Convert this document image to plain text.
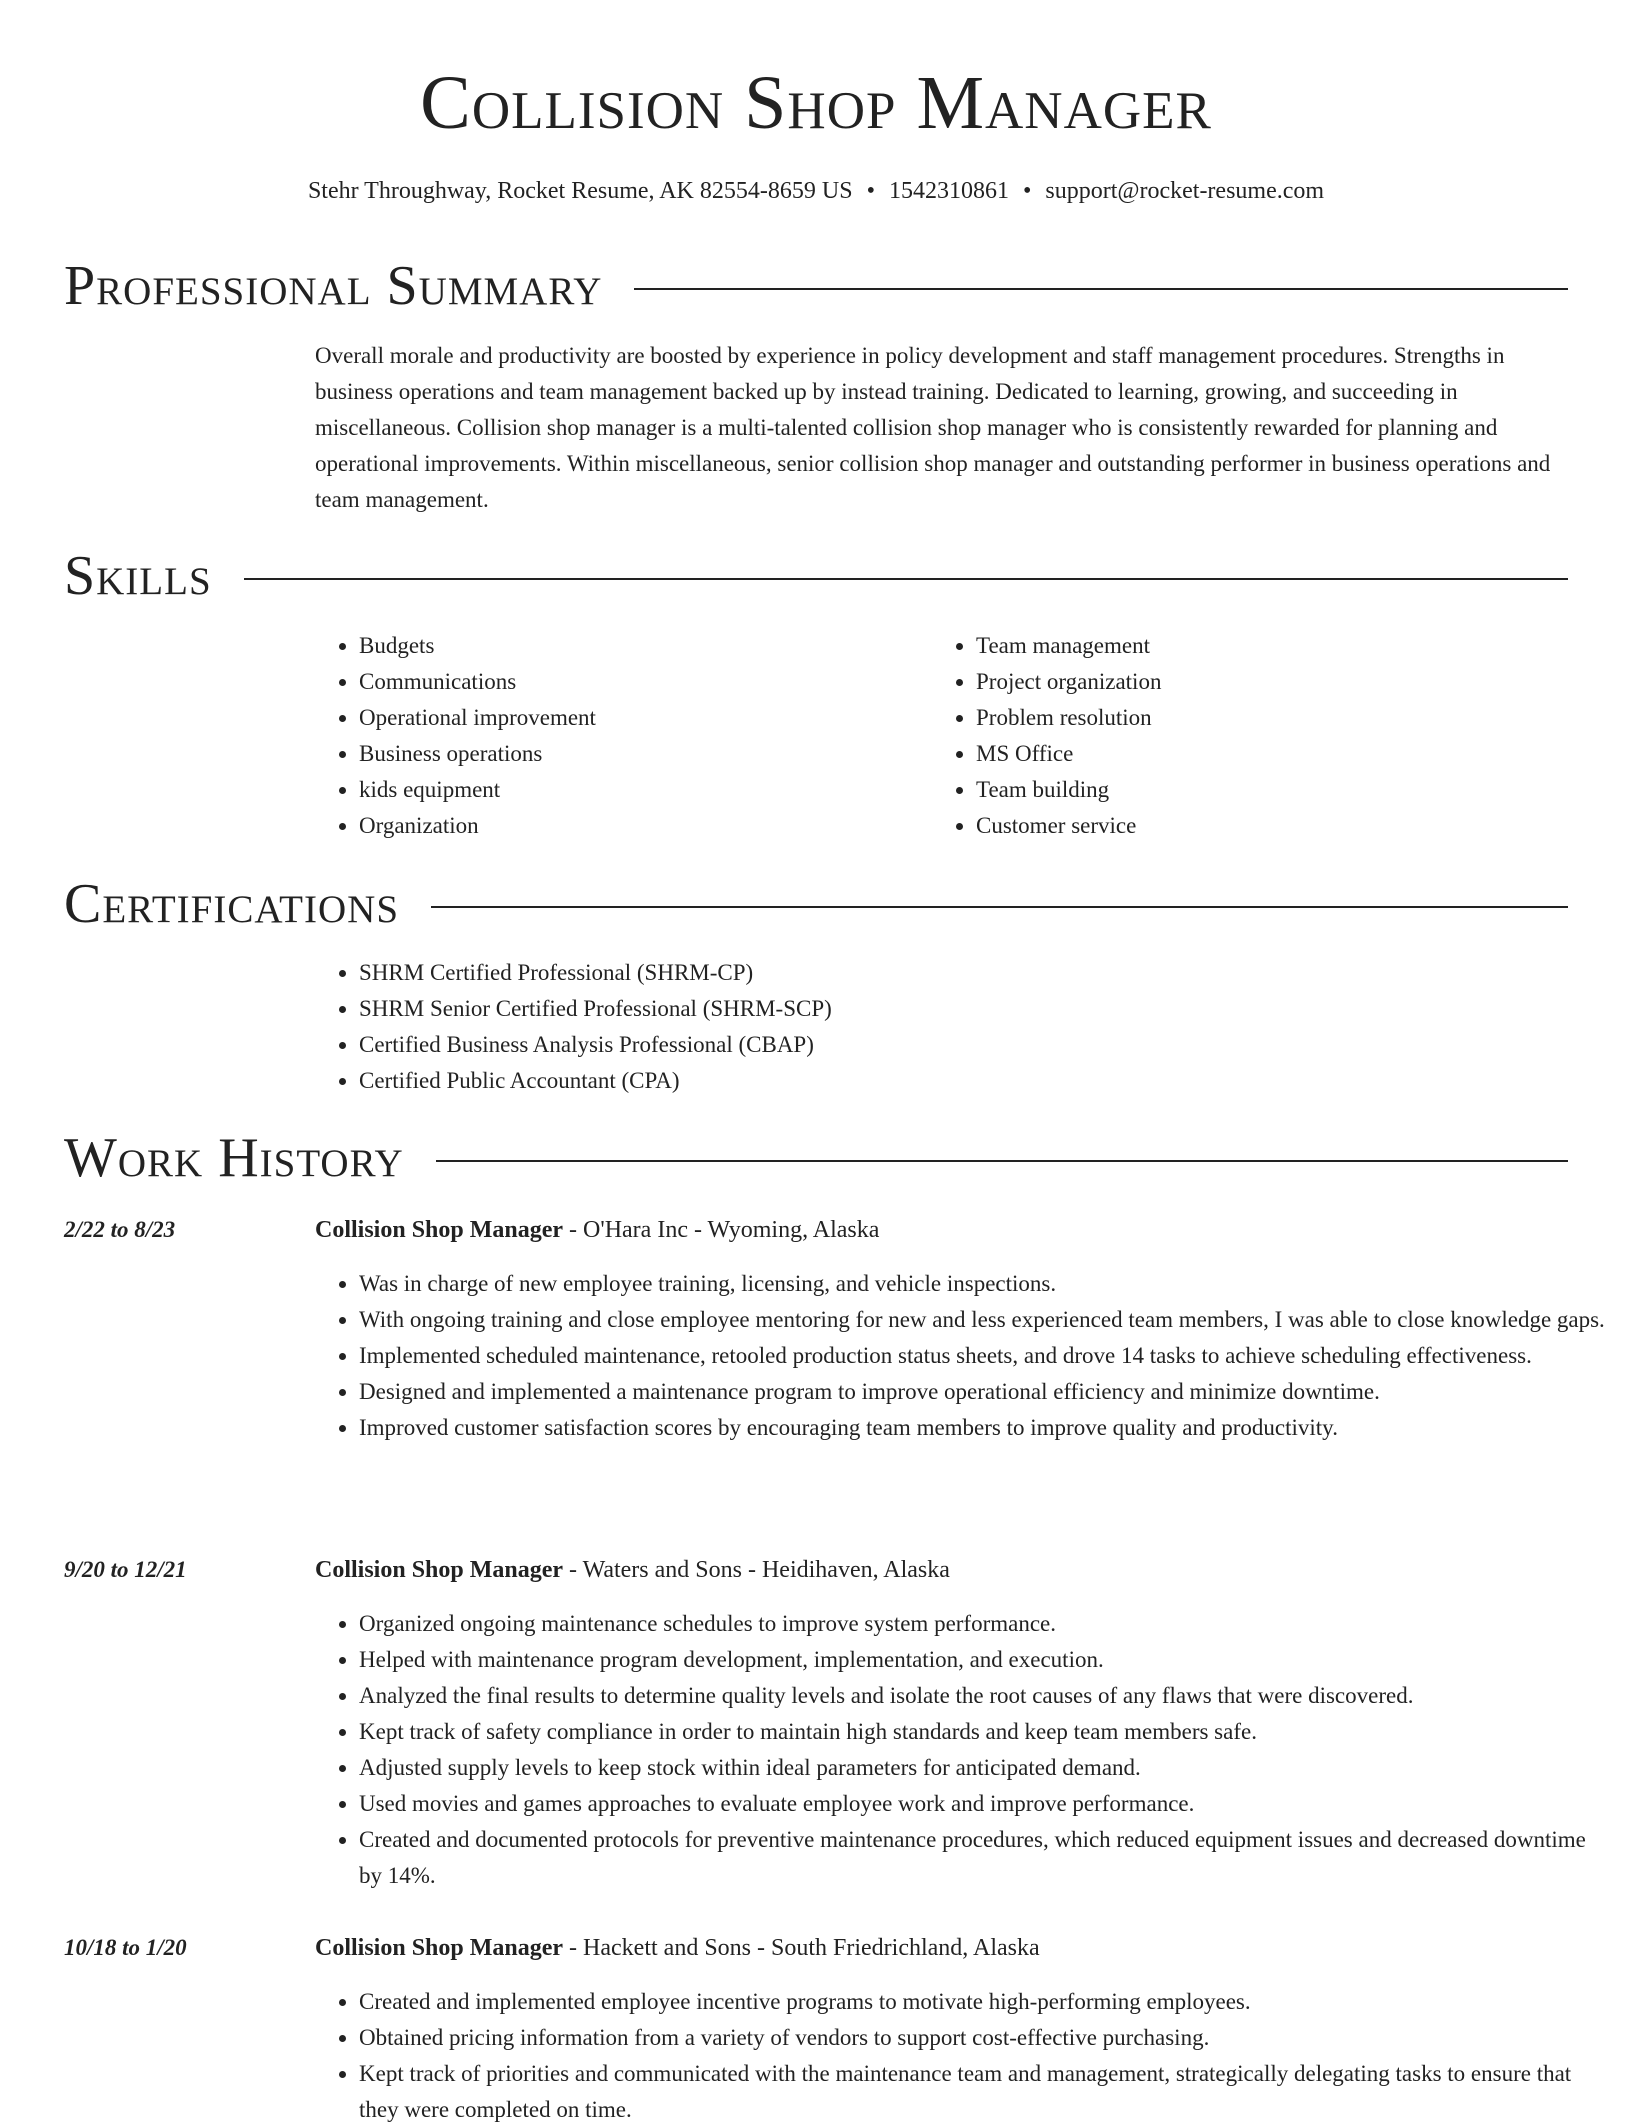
Collision Shop Manager
Stehr Throughway, Rocket Resume, AK 82554-8659 US • 1542310861 • support@rocket-resume.com
Professional Summary

Overall morale and productivity are boosted by experience in policy development and staff management procedures. Strengths in business operations and team management backed up by instead training. Dedicated to learning, growing, and succeeding in miscellaneous. Collision shop manager is a multi-talented collision shop manager who is consistently rewarded for planning and operational improvements. Within miscellaneous, senior collision shop manager and outstanding performer in business operations and team management.

Skills
• Budgets
• Communications
• Operational improvement
• Business operations
• kids equipment
• Organization
• Team management
• Project organization
• Problem resolution
• MS Office
• Team building
• Customer service
Certifications
• SHRM Certified Professional (SHRM-CP)
• SHRM Senior Certified Professional (SHRM-SCP)
• Certified Business Analysis Professional (CBAP)
• Certified Public Accountant (CPA)
Work History
2/22 to 8/23	Collision Shop Manager - O'Hara Inc - Wyoming, Alaska
• Was in charge of new employee training, licensing, and vehicle inspections.
• With ongoing training and close employee mentoring for new and less experienced team members, I was able to close knowledge gaps.
• Implemented scheduled maintenance, retooled production status sheets, and drove 14 tasks to achieve scheduling effectiveness.
• Designed and implemented a maintenance program to improve operational efficiency and minimize downtime.
• Improved customer satisfaction scores by encouraging team members to improve quality and productivity.
9/20 to 12/21	Collision Shop Manager - Waters and Sons - Heidihaven, Alaska
• Organized ongoing maintenance schedules to improve system performance.
• Helped with maintenance program development, implementation, and execution.
• Analyzed the final results to determine quality levels and isolate the root causes of any flaws that were discovered.
• Kept track of safety compliance in order to maintain high standards and keep team members safe.
• Adjusted supply levels to keep stock within ideal parameters for anticipated demand.
• Used movies and games approaches to evaluate employee work and improve performance.
• Created and documented protocols for preventive maintenance procedures, which reduced equipment issues and decreased downtime by 14%.
10/18 to 1/20	Collision Shop Manager - Hackett and Sons - South Friedrichland, Alaska
• Created and implemented employee incentive programs to motivate high-performing employees.
• Obtained pricing information from a variety of vendors to support cost-effective purchasing.
• Kept track of priorities and communicated with the maintenance team and management, strategically delegating tasks to ensure that they were completed on time.
